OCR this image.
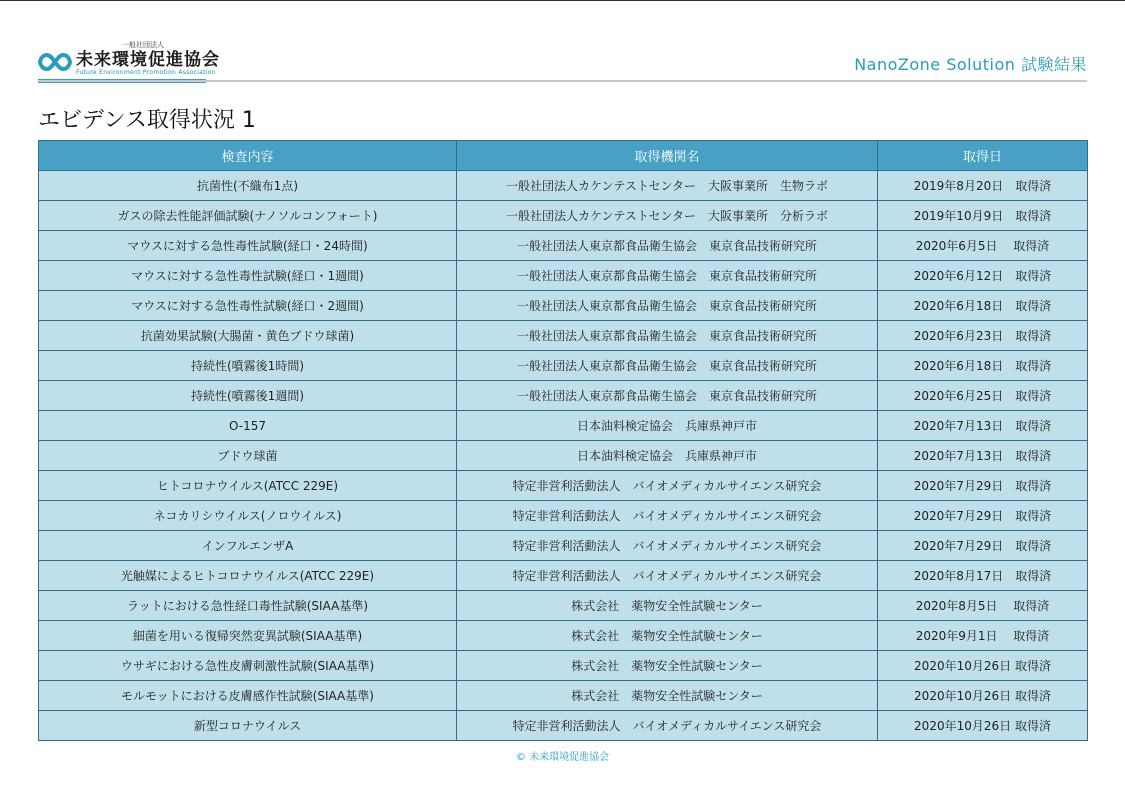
一般社団法人
未来環境促進協会
Future Environment Promotion Association	NanoZone Solution 試験結果
エビデンス取得状況 1
検査内容	取得機関名	取得日
抗菌性(不織布1点)	一般社団法人カケンテストセンター　大阪事業所　生物ラボ	2019年8月20日　取得済
ガスの除去性能評価試験(ナノソルコンフォート)	一般社団法人カケンテストセンター　大阪事業所　分析ラボ	2019年10月9日　取得済
マウスに対する急性毒性試験(経口・24時間)	一般社団法人東京都食品衛生協会　東京食品技術研究所	2020年6月5日　 取得済
マウスに対する急性毒性試験(経口・1週間)	一般社団法人東京都食品衛生協会　東京食品技術研究所	2020年6月12日　取得済
マウスに対する急性毒性試験(経口・2週間)	一般社団法人東京都食品衛生協会　東京食品技術研究所	2020年6月18日　取得済
抗菌効果試験(大腸菌・黄色ブドウ球菌)	一般社団法人東京都食品衛生協会　東京食品技術研究所	2020年6月23日　取得済
持続性(噴霧後1時間)	一般社団法人東京都食品衛生協会　東京食品技術研究所	2020年6月18日　取得済
持続性(噴霧後1週間)	一般社団法人東京都食品衛生協会　東京食品技術研究所	2020年6月25日　取得済
O-157	日本油料検定協会　兵庫県神戸市	2020年7月13日　取得済
ブドウ球菌	日本油料検定協会　兵庫県神戸市	2020年7月13日　取得済
ヒトコロナウイルス(ATCC 229E)	特定非営利活動法人　バイオメディカルサイエンス研究会	2020年7月29日　取得済
ネコカリシウイルス(ノロウイルス)	特定非営利活動法人　バイオメディカルサイエンス研究会	2020年7月29日　取得済
インフルエンザA	特定非営利活動法人　バイオメディカルサイエンス研究会	2020年7月29日　取得済
光触媒によるヒトコロナウイルス(ATCC 229E)	特定非営利活動法人　バイオメディカルサイエンス研究会	2020年8月17日　取得済
ラットにおける急性経口毒性試験(SIAA基準)	株式会社　薬物安全性試験センター	2020年8月5日　 取得済
細菌を用いる復帰突然変異試験(SIAA基準)	株式会社　薬物安全性試験センター	2020年9月1日　 取得済
ウサギにおける急性皮膚刺激性試験(SIAA基準)	株式会社　薬物安全性試験センター	2020年10月26日 取得済
モルモットにおける皮膚感作性試験(SIAA基準)	株式会社　薬物安全性試験センター	2020年10月26日 取得済
新型コロナウイルス	特定非営利活動法人　バイオメディカルサイエンス研究会	2020年10月26日 取得済
© 未来環境促進協会
